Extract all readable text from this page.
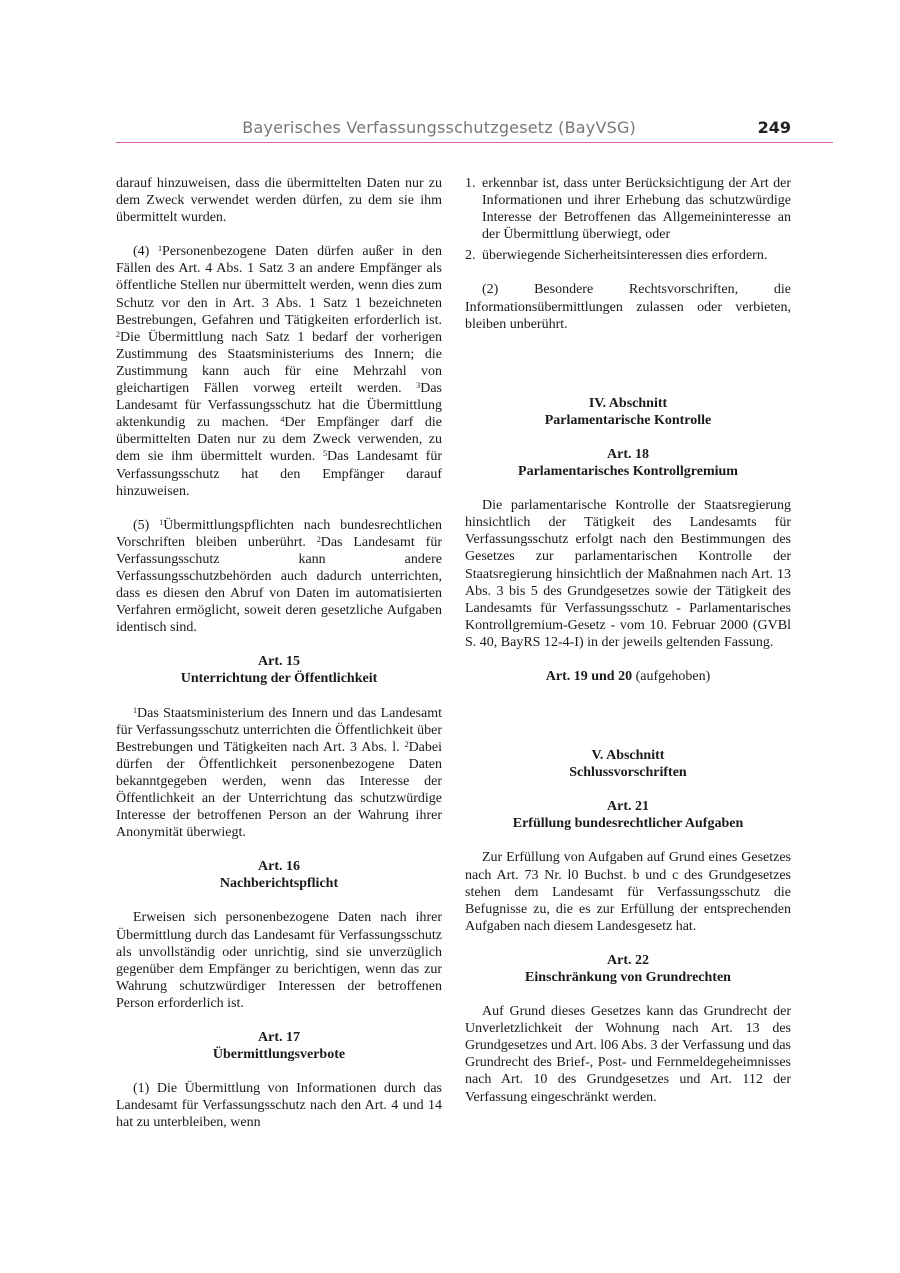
Bayerisches Verfassungsschutzgesetz (BayVSG)	249

darauf hinzuweisen, dass die übermittelten Daten nur zu dem Zweck verwendet werden dürfen, zu dem sie ihm übermittelt wurden.

(4) $^1$Personenbezogene Daten dürfen außer in den Fällen des Art. 4 Abs. 1 Satz 3 an andere Empfänger als öffentliche Stellen nur übermittelt werden, wenn dies zum Schutz vor den in Art. 3 Abs. 1 Satz 1 bezeichneten Bestrebungen, Gefahren und Tätigkeiten erforderlich ist. $^2$Die Übermittlung nach Satz 1 bedarf der vorherigen Zustimmung des Staatsministeriums des Innern; die Zustimmung kann auch für eine Mehrzahl von gleichartigen Fällen vorweg erteilt werden. $^3$Das Landesamt für Verfassungsschutz hat die Übermittlung aktenkundig zu machen. $^4$Der Empfänger darf die übermittelten Daten nur zu dem Zweck verwenden, zu dem sie ihm übermittelt wurden. $^5$Das Landesamt für Verfassungsschutz hat den Empfänger darauf hinzuweisen.

(5) $^1$Übermittlungspflichten nach bundesrechtlichen Vorschriften bleiben unberührt. $^2$Das Landesamt für Verfassungsschutz kann andere Verfassungsschutzbehörden auch dadurch unterrichten, dass es diesen den Abruf von Daten im automatisierten Verfahren ermöglicht, soweit deren gesetzliche Aufgaben identisch sind.

Art. 15

Unterrichtung der Öffentlichkeit

$^1$Das Staatsministerium des Innern und das Landesamt für Verfassungsschutz unterrichten die Öffentlichkeit über Bestrebungen und Tätigkeiten nach Art. 3 Abs. l. $^2$Dabei dürfen der Öffentlichkeit personenbezogene Daten bekanntgegeben werden, wenn das Interesse der Öffentlichkeit an der Unterrichtung das schutzwürdige Interesse der betroffenen Person an der Wahrung ihrer Anonymität überwiegt.

Art. 16

Nachberichtspflicht

Erweisen sich personenbezogene Daten nach ihrer Übermittlung durch das Landesamt für Verfassungsschutz als unvollständig oder unrichtig, sind sie unverzüglich gegenüber dem Empfänger zu berichtigen, wenn das zur Wahrung schutzwürdiger Interessen der betroffenen Person erforderlich ist.

Art. 17

Übermittlungsverbote

(1) Die Übermittlung von Informationen durch das Landesamt für Verfassungsschutz nach den Art. 4 und 14 hat zu unterbleiben, wenn

1. erkennbar ist, dass unter Berücksichtigung der Art der Informationen und ihrer Erhebung das schutzwürdige Interesse der Betroffenen das Allgemeininteresse an der Übermittlung überwiegt, oder
2. überwiegende Sicherheitsinteressen dies erfordern.

(2) Besondere Rechtsvorschriften, die Informationsübermittlungen zulassen oder verbieten, bleiben unberührt.

IV. Abschnitt

Parlamentarische Kontrolle

Art. 18

Parlamentarisches Kontrollgremium

Die parlamentarische Kontrolle der Staatsregierung hinsichtlich der Tätigkeit des Landesamts für Verfassungsschutz erfolgt nach den Bestimmungen des Gesetzes zur parlamentarischen Kontrolle der Staatsregierung hinsichtlich der Maßnahmen nach Art. 13 Abs. 3 bis 5 des Grundgesetzes sowie der Tätigkeit des Landesamts für Verfassungsschutz - Parlamentarisches Kontrollgremium-Gesetz - vom 10. Februar 2000 (GVBl S. 40, BayRS 12-4-I) in der jeweils geltenden Fassung.

Art. 19 und 20 (aufgehoben)

V. Abschnitt

Schlussvorschriften

Art. 21

Erfüllung bundesrechtlicher Aufgaben

Zur Erfüllung von Aufgaben auf Grund eines Gesetzes nach Art. 73 Nr. l0 Buchst. b und c des Grundgesetzes stehen dem Landesamt für Verfassungsschutz die Befugnisse zu, die es zur Erfüllung der entsprechenden Aufgaben nach diesem Landesgesetz hat.

Art. 22

Einschränkung von Grundrechten

Auf Grund dieses Gesetzes kann das Grundrecht der Unverletzlichkeit der Wohnung nach Art. 13 des Grundgesetzes und Art. l06 Abs. 3 der Verfassung und das Grundrecht des Brief-, Post- und Fernmeldegeheimnisses nach Art. 10 des Grundgesetzes und Art. 112 der Verfassung eingeschränkt werden.
